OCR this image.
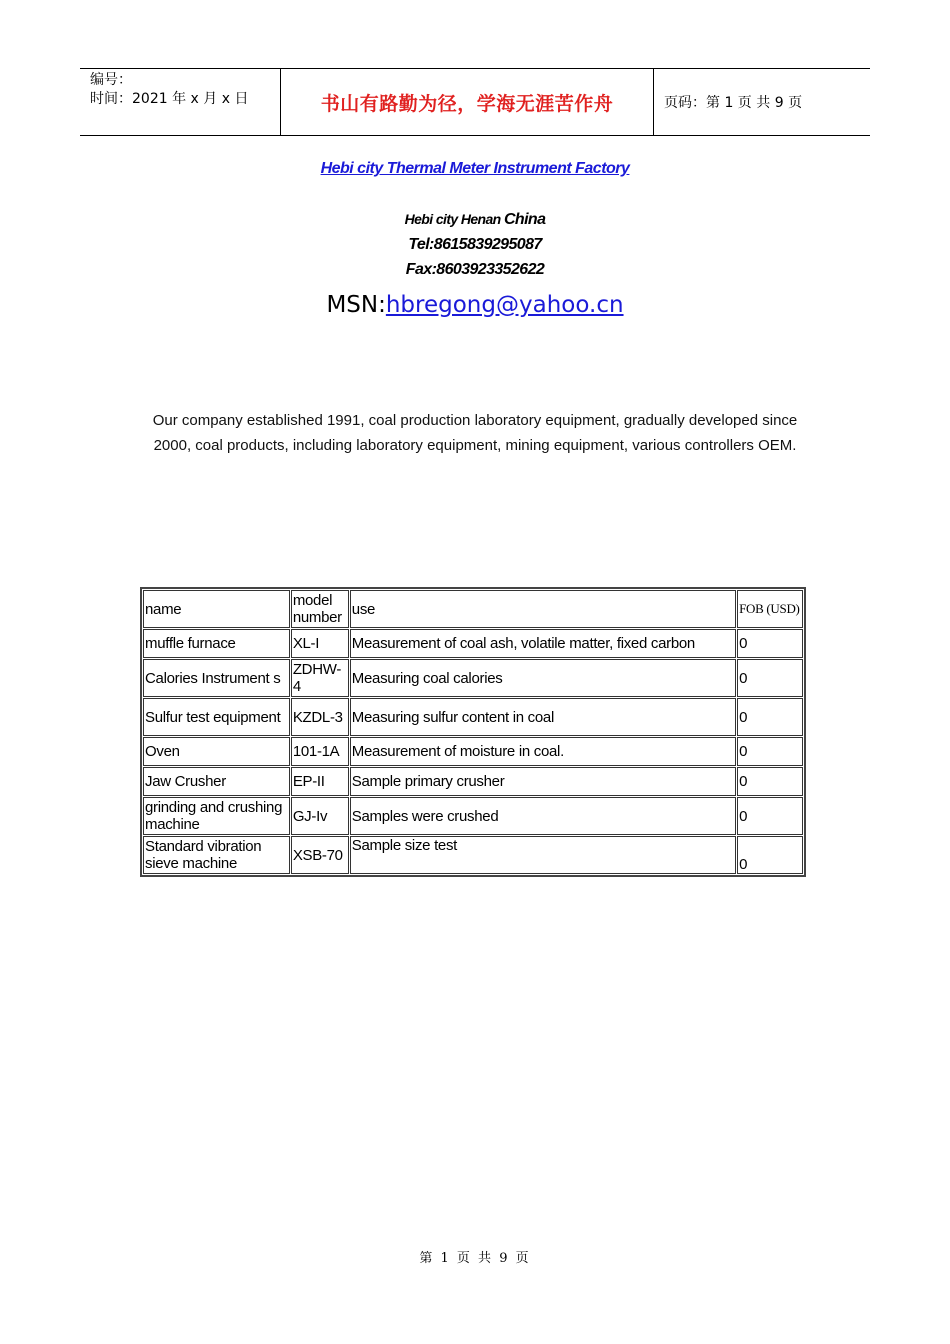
编号：
时间：2021 年 x 月 x 日	书山有路勤为径，学海无涯苦作舟	页码：第 1 页 共 9 页
Hebi city Thermal Meter Instrument Factory
Hebi city Henan China
Tel:8615839295087
Fax:8603923352622
MSN:hbregong@yahoo.cn
Our company established 1991, coal production laboratory equipment, gradually developed since 2000, coal products, including laboratory equipment, mining equipment, various controllers OEM.
name	model number	use	FOB (USD)
muffle furnace	XL-I	Measurement of coal ash, volatile matter, fixed carbon	0
Calories Instrument s	ZDHW-4	Measuring coal calories	0
Sulfur test equipment	KZDL-3	Measuring sulfur content in coal	0
Oven	101-1A	Measurement of moisture in coal.	0
Jaw Crusher	EP-II	Sample primary crusher	0
grinding and crushing machine	GJ-Iv	Samples were crushed	0
Standard vibration sieve machine	XSB-70	Sample size test	0
第 1 页 共 9 页
